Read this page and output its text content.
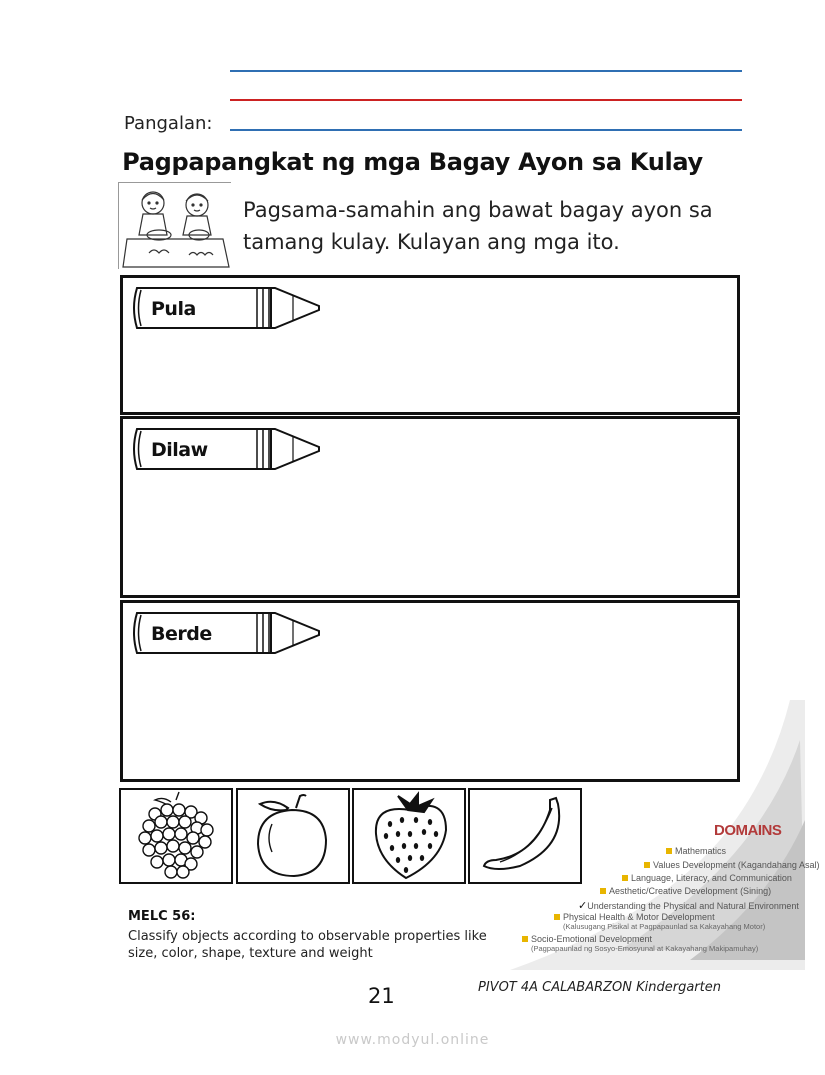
Pangalan:
Pagpapangkat ng mga Bagay Ayon sa Kulay
Pagsama-samahin ang bawat bagay ayon sa tamang kulay. Kulayan ang mga ito.
Pula
Dilaw
Berde
DOMAINS
Mathematics
Values Development (Kagandahang Asal)
Language, Literacy, and Communication
Aesthetic/Creative Development (Sining)
✓Understanding the Physical and Natural Environment
Physical Health & Motor Development
(Kalusugang Pisikal at Pagpapaunlad sa Kakayahang Motor)
Socio-Emotional Development
(Pagpapaunlad ng Sosyo-Emosyunal at Kakayahang Makipamuhay)
MELC 56:
Classify objects according to observable properties like size, color, shape, texture and weight
21	PIVOT 4A CALABARZON Kindergarten
www.modyul.online
